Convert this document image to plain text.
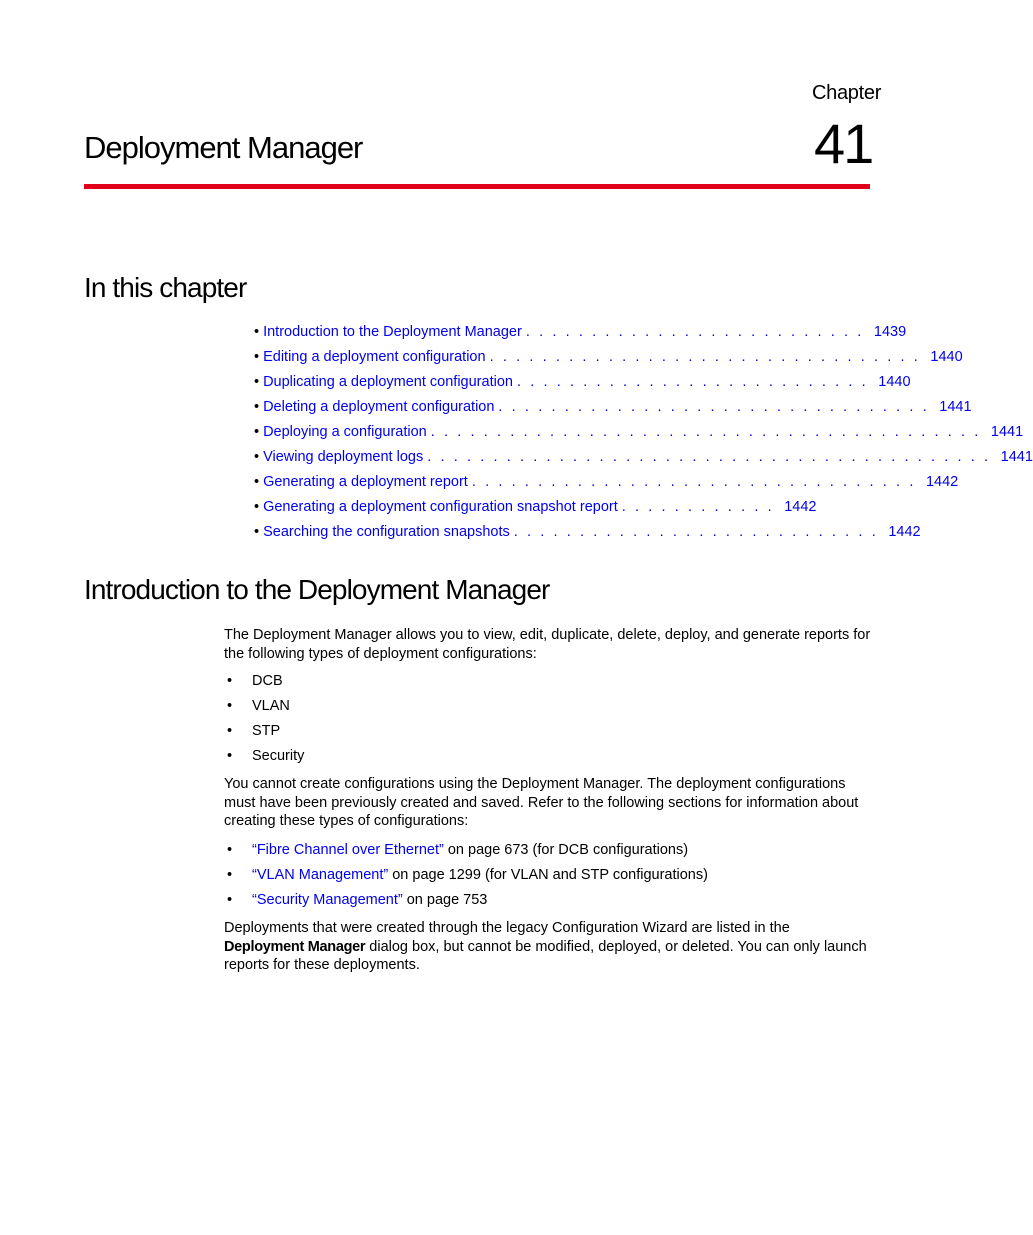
Chapter
41
Deployment Manager
In this chapter
• Introduction to the Deployment Manager . . . . . . . . . . . . . . . . . . . . . . . . . . 1439
• Editing a deployment configuration . . . . . . . . . . . . . . . . . . . . . . . . . . . . . . . . . 1440
• Duplicating a deployment configuration . . . . . . . . . . . . . . . . . . . . . . . . . . . 1440
• Deleting a deployment configuration . . . . . . . . . . . . . . . . . . . . . . . . . . . . . . . . . 1441
• Deploying a configuration . . . . . . . . . . . . . . . . . . . . . . . . . . . . . . . . . . . . . . . . . . 1441
• Viewing deployment logs . . . . . . . . . . . . . . . . . . . . . . . . . . . . . . . . . . . . . . . . . . . 1441
• Generating a deployment report . . . . . . . . . . . . . . . . . . . . . . . . . . . . . . . . . . 1442
• Generating a deployment configuration snapshot report . . . . . . . . . . . . 1442
• Searching the configuration snapshots . . . . . . . . . . . . . . . . . . . . . . . . . . . . 1442
Introduction to the Deployment Manager

The Deployment Manager allows you to view, edit, duplicate, delete, deploy, and generate reports for the following types of deployment configurations:

•	DCB
•	VLAN
•	STP
•	Security

You cannot create configurations using the Deployment Manager. The deployment configurations must have been previously created and saved. Refer to the following sections for information about creating these types of configurations:

•	“Fibre Channel over Ethernet” on page 673 (for DCB configurations)
•	“VLAN Management” on page 1299 (for VLAN and STP configurations)
•	“Security Management” on page 753

Deployments that were created through the legacy Configuration Wizard are listed in the
Deployment Manager dialog box, but cannot be modified, deployed, or deleted. You can only launch reports for these deployments.
